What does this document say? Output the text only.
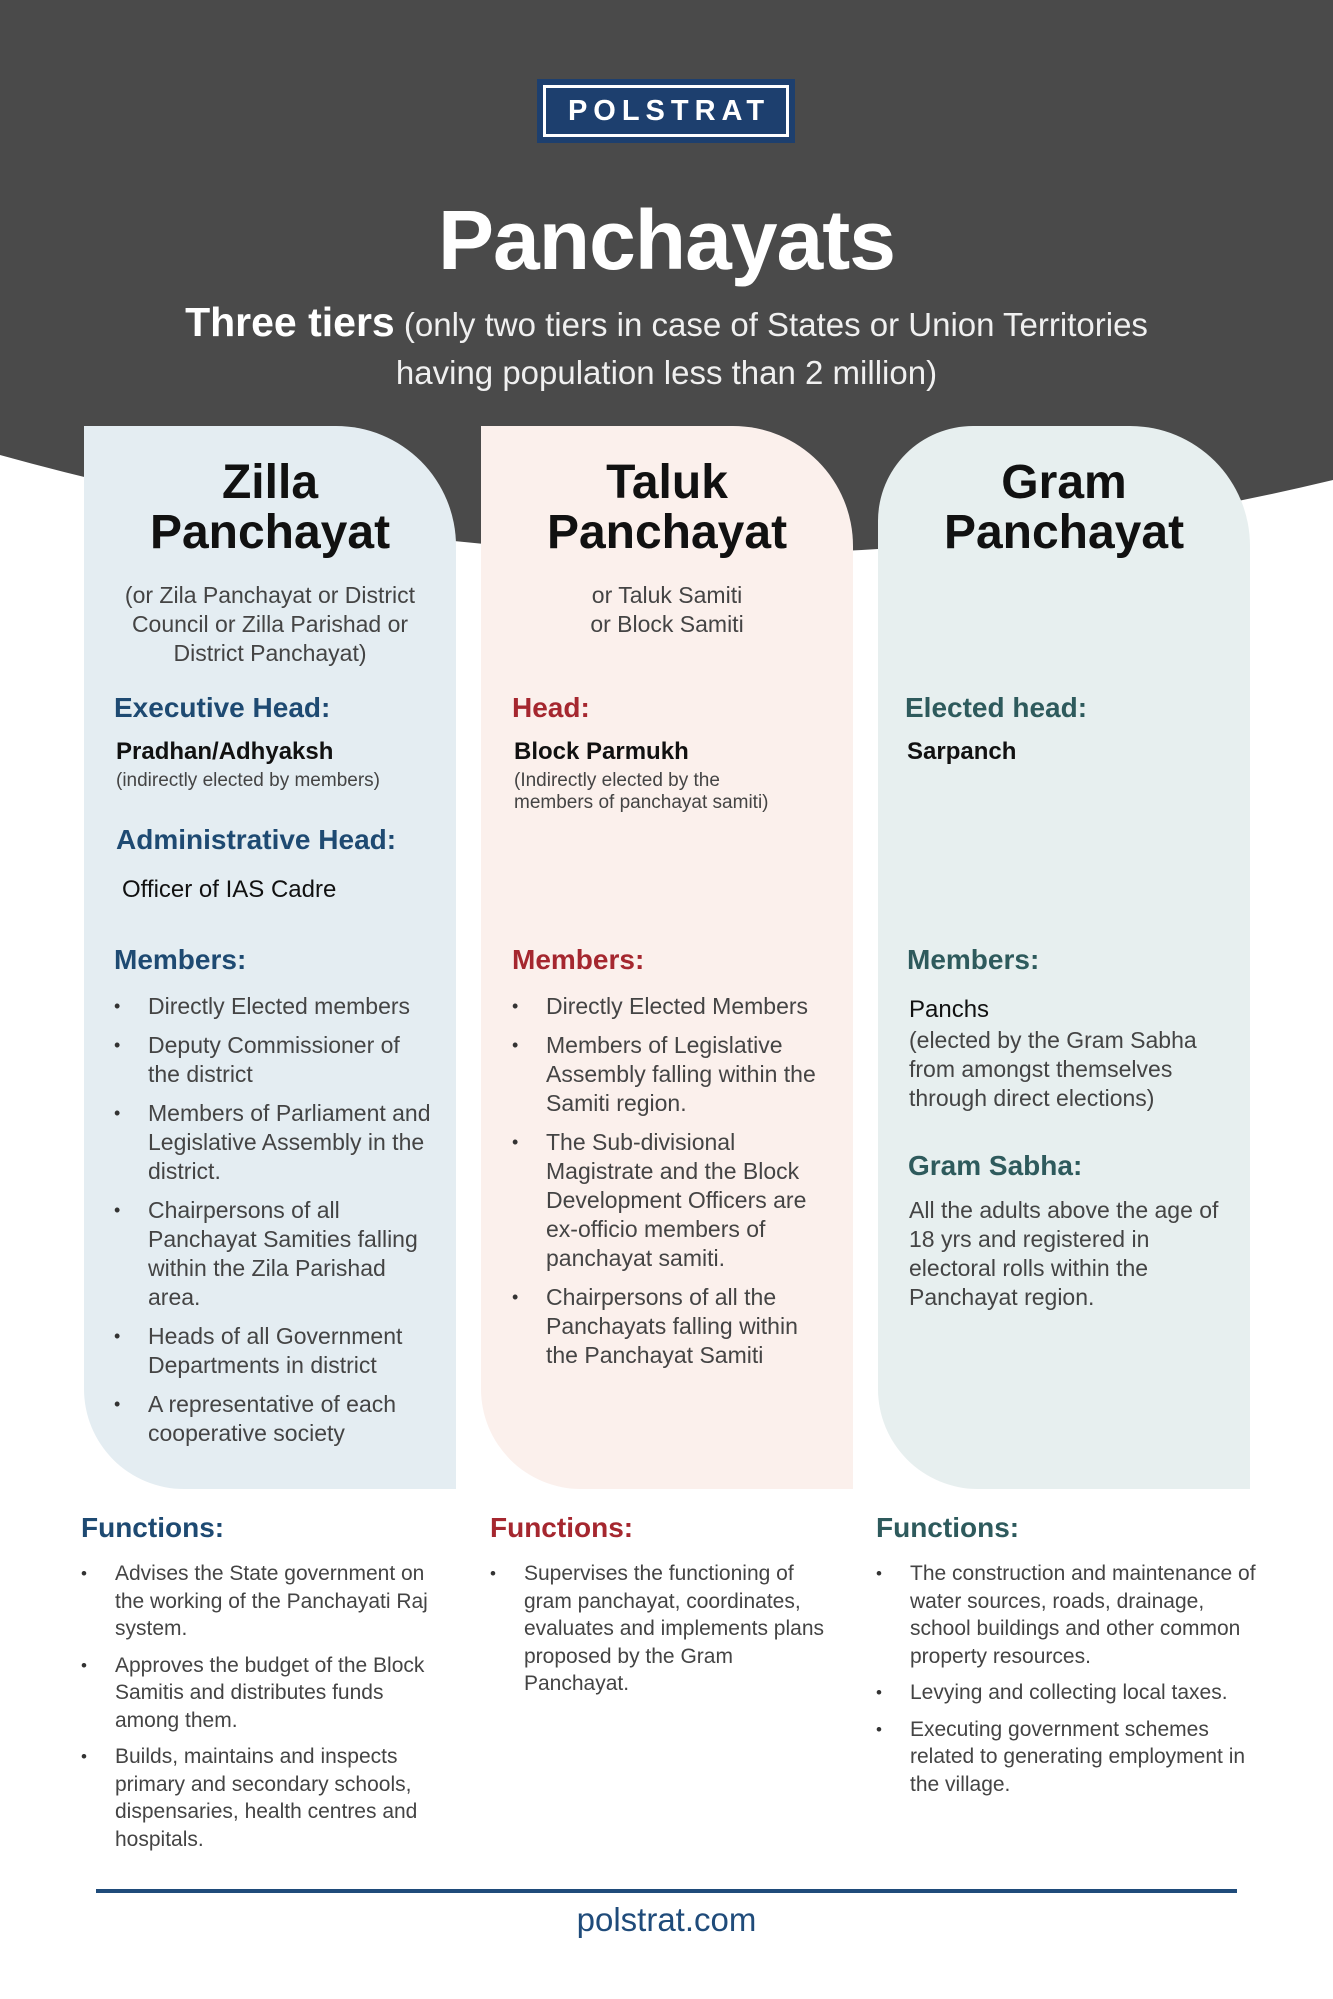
POLSTRAT
Panchayats
Three tiers (only two tiers in case of States or Union Territories having population less than 2 million)
Zilla
Panchayat
(or Zila Panchayat or District
Council or Zilla Parishad or
District Panchayat)
Executive Head:
Pradhan/Adhyaksh
(indirectly elected by members)
Administrative Head:
Officer of IAS Cadre
Members:
• Directly Elected members
• Deputy Commissioner of the district
• Members of Parliament and Legislative Assembly in the district.
• Chairpersons of all Panchayat Samities falling within the Zila Parishad area.
• Heads of all Government Departments in district
• A representative of each cooperative society
Taluk
Panchayat
or Taluk Samiti
or Block Samiti
Head:
Block Parmukh
(Indirectly elected by the
members of panchayat samiti)
Members:
• Directly Elected Members
• Members of Legislative Assembly falling within the Samiti region.
• The Sub-divisional Magistrate and the Block Development Officers are ex-officio members of panchayat samiti.
• Chairpersons of all the Panchayats falling within the Panchayat Samiti
Gram
Panchayat
Elected head:
Sarpanch
Members:
Panchs
(elected by the Gram Sabha
from amongst themselves
through direct elections)
Gram Sabha:
All the adults above the age of
18 yrs and registered in
electoral rolls within the
Panchayat region.
Functions:
• Advises the State government on the working of the Panchayati Raj system.
• Approves the budget of the Block Samitis and distributes funds among them.
• Builds, maintains and inspects primary and secondary schools, dispensaries, health centres and hospitals.
Functions:
• Supervises the functioning of gram panchayat, coordinates, evaluates and implements plans proposed by the Gram Panchayat.
Functions:
• The construction and maintenance of water sources, roads, drainage, school buildings and other common property resources.
• Levying and collecting local taxes.
• Executing government schemes related to generating employment in the village.
polstrat.com
